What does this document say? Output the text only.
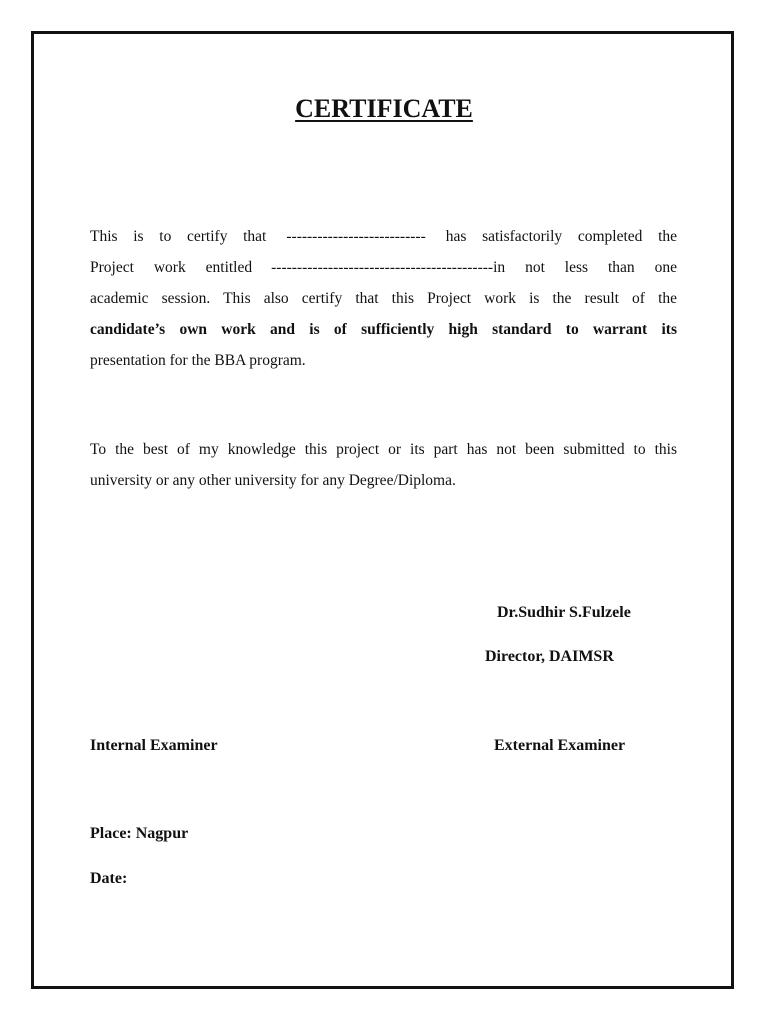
CERTIFICATE
This is to certify that --------------------------- has satisfactorily completed the
Project work entitled -------------------------------------------in not less than one
academic session. This also certify that this Project work is the result of the
candidate’s own work and is of sufficiently high standard to warrant its
presentation for the BBA program.
To the best of my knowledge this project or its part has not been submitted to this
university or any other university for any Degree/Diploma.

Dr.Sudhir S.Fulzele

Director, DAIMSR

Internal Examiner	External Examiner

Place: Nagpur

Date:
